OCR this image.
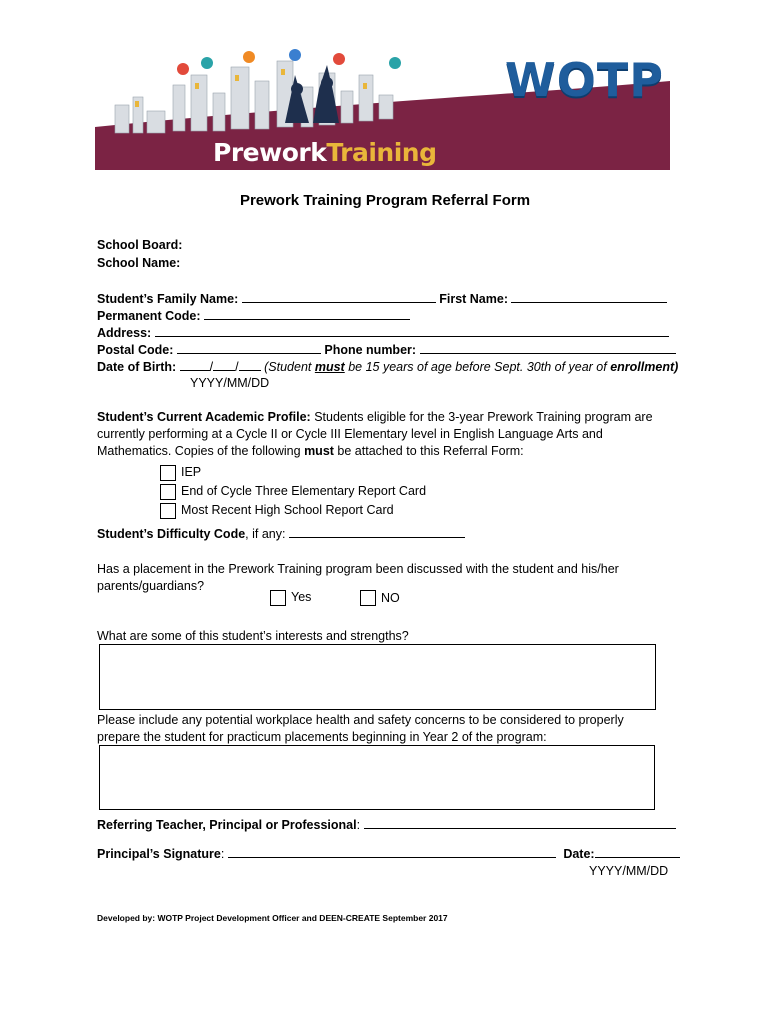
PreworkTraining
WOTP
Prework Training Program Referral Form
School Board:
School Name:
Student’s Family Name:	First Name:
Permanent Code:
Address:
Postal Code:	Phone number:
Date of Birth:	/ / (Student must be 15 years of age before Sept. 30th of year of enrollment)
YYYY/MM/DD
Student’s Current Academic Profile: Students eligible for the 3-year Prework Training program are
currently performing at a Cycle II or Cycle III Elementary level in English Language Arts and
Mathematics. Copies of the following must be attached to this Referral Form:
IEP
End of Cycle Three Elementary Report Card
Most Recent High School Report Card
Student’s Difficulty Code, if any:
Has a placement in the Prework Training program been discussed with the student and his/her
parents/guardians?
Yes	NO
What are some of this student’s interests and strengths?
Please include any potential workplace health and safety concerns to be considered to properly
prepare the student for practicum placements beginning in Year 2 of the program:
Referring Teacher, Principal or Professional:
Principal’s Signature:	Date:
YYYY/MM/DD
Developed by: WOTP Project Development Officer and DEEN-CREATE September 2017
